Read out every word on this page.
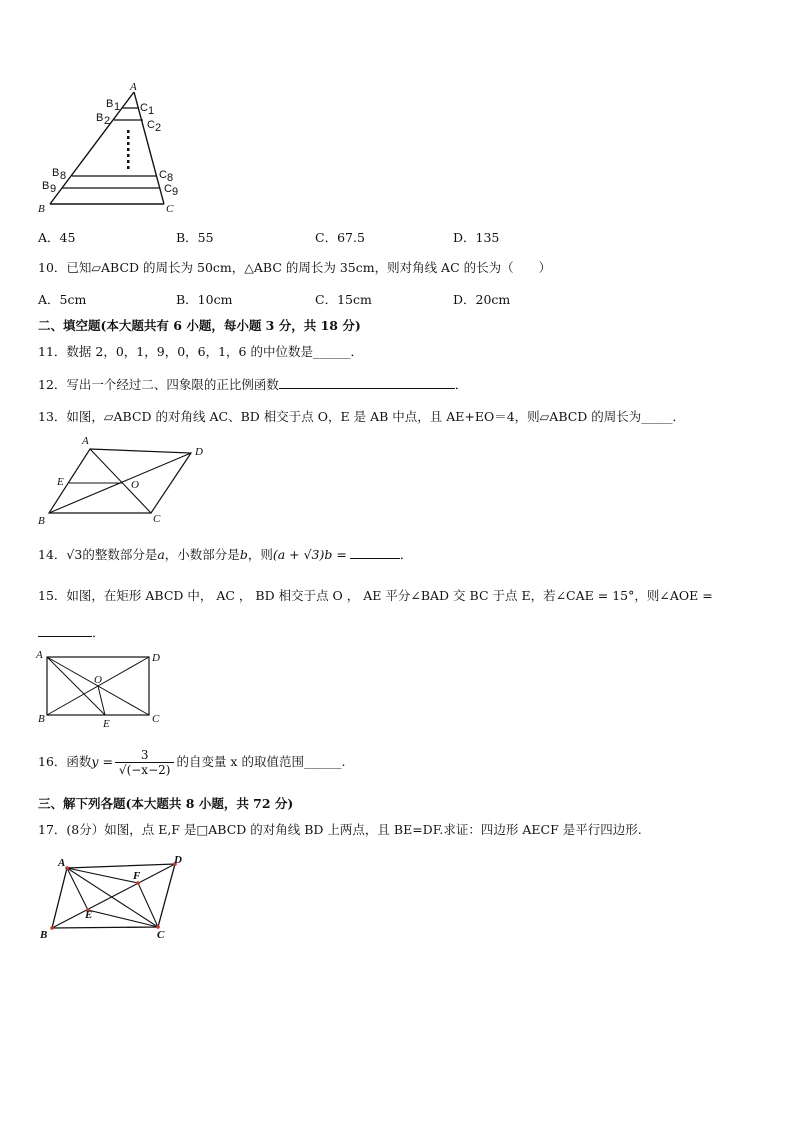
A
B 1 C 1
B 2	C 2
B 8	C 8
B 9	C 9
B	C
A．45	B．55	C．67.5	D．135
10．已知▱ABCD 的周长为 50cm，△ABC 的周长为 35cm，则对角线 AC 的长为（　　）
A．5cm	B．10cm	C．15cm	D．20cm
二、填空题(本大题共有 6 小题，每小题 3 分，共 18 分)
11．数据 2，0，1，9，0，6，1，6 的中位数是______．
12．写出一个经过二、四象限的正比例函数	．
13．如图，▱ABCD 的对角线 AC、BD 相交于点 O，E 是 AB 中点，且 AE+EO＝4，则▱ABCD 的周长为_____．
A
D
E	O
B	C
14．√3的整数部分是a，小数部分是b，则(a + √3)b =	．
15．如图，在矩形 ABCD 中， AC ， BD 相交于点 O ， AE 平分∠BAD 交 BC 于点 E，若∠CAE = 15°，则∠AOE =
．
A	D
O
B	E	C
16．函数$y = \frac{3}{√(-x-2)}$ 的自变量 x 的取值范围______.
三、解下列各题(本大题共 8 小题，共 72 分)
17．(8分）如图，点 E,F 是□ABCD 的对角线 BD 上两点，且 BE=DF.求证：四边形 AECF 是平行四边形.
A	D
F
E
B	C
